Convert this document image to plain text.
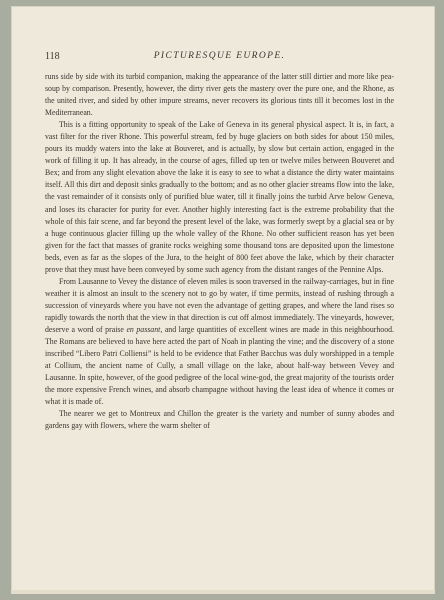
118	PICTURESQUE EUROPE.

runs side by side with its turbid companion, making the appearance of the latter still dirtier and more like pea-soup by comparison. Presently, however, the dirty river gets the mastery over the pure one, and the Rhone, as the united river, and sided by other impure streams, never recovers its glorious tints till it becomes lost in the Mediterranean.

This is a fitting opportunity to speak of the Lake of Geneva in its general physical aspect. It is, in fact, a vast filter for the river Rhone. This powerful stream, fed by huge glaciers on both sides for about 150 miles, pours its muddy waters into the lake at Bouveret, and is actually, by slow but certain action, engaged in the work of filling it up. It has already, in the course of ages, filled up ten or twelve miles between Bouveret and Bex; and from any slight elevation above the lake it is easy to see to what a distance the dirty water maintains itself. All this dirt and deposit sinks gradually to the bottom; and as no other glacier streams flow into the lake, the vast remainder of it consists only of purified blue water, till it finally joins the turbid Arve below Geneva, and loses its character for purity for ever. Another highly interesting fact is the extreme probability that the whole of this fair scene, and far beyond the present level of the lake, was formerly swept by a glacial sea or by a huge continuous glacier filling up the whole valley of the Rhone. No other sufficient reason has yet been given for the fact that masses of granite rocks weighing some thousand tons are deposited upon the limestone beds, even as far as the slopes of the Jura, to the height of 800 feet above the lake, which by their character prove that they must have been conveyed by some such agency from the distant ranges of the Pennine Alps.

From Lausanne to Vevey the distance of eleven miles is soon traversed in the railway-carriages, but in fine weather it is almost an insult to the scenery not to go by water, if time permits, instead of rushing through a succession of vineyards where you have not even the advantage of getting grapes, and where the land rises so rapidly towards the north that the view in that direction is cut off almost immediately. The vineyards, however, deserve a word of praise en passant, and large quantities of excellent wines are made in this neighbourhood. The Romans are believed to have here acted the part of Noah in planting the vine; and the discovery of a stone inscribed “Libero Patri Colliensi” is held to be evidence that Father Bacchus was duly worshipped in a temple at Collium, the ancient name of Cully, a small village on the lake, about half-way between Vevey and Lausanne. In spite, however, of the good pedigree of the local wine-god, the great majority of the tourists order the more expensive French wines, and absorb champagne without having the least idea of whence it comes or what it is made of.

The nearer we get to Montreux and Chillon the greater is the variety and number of sunny abodes and gardens gay with flowers, where the warm shelter of
